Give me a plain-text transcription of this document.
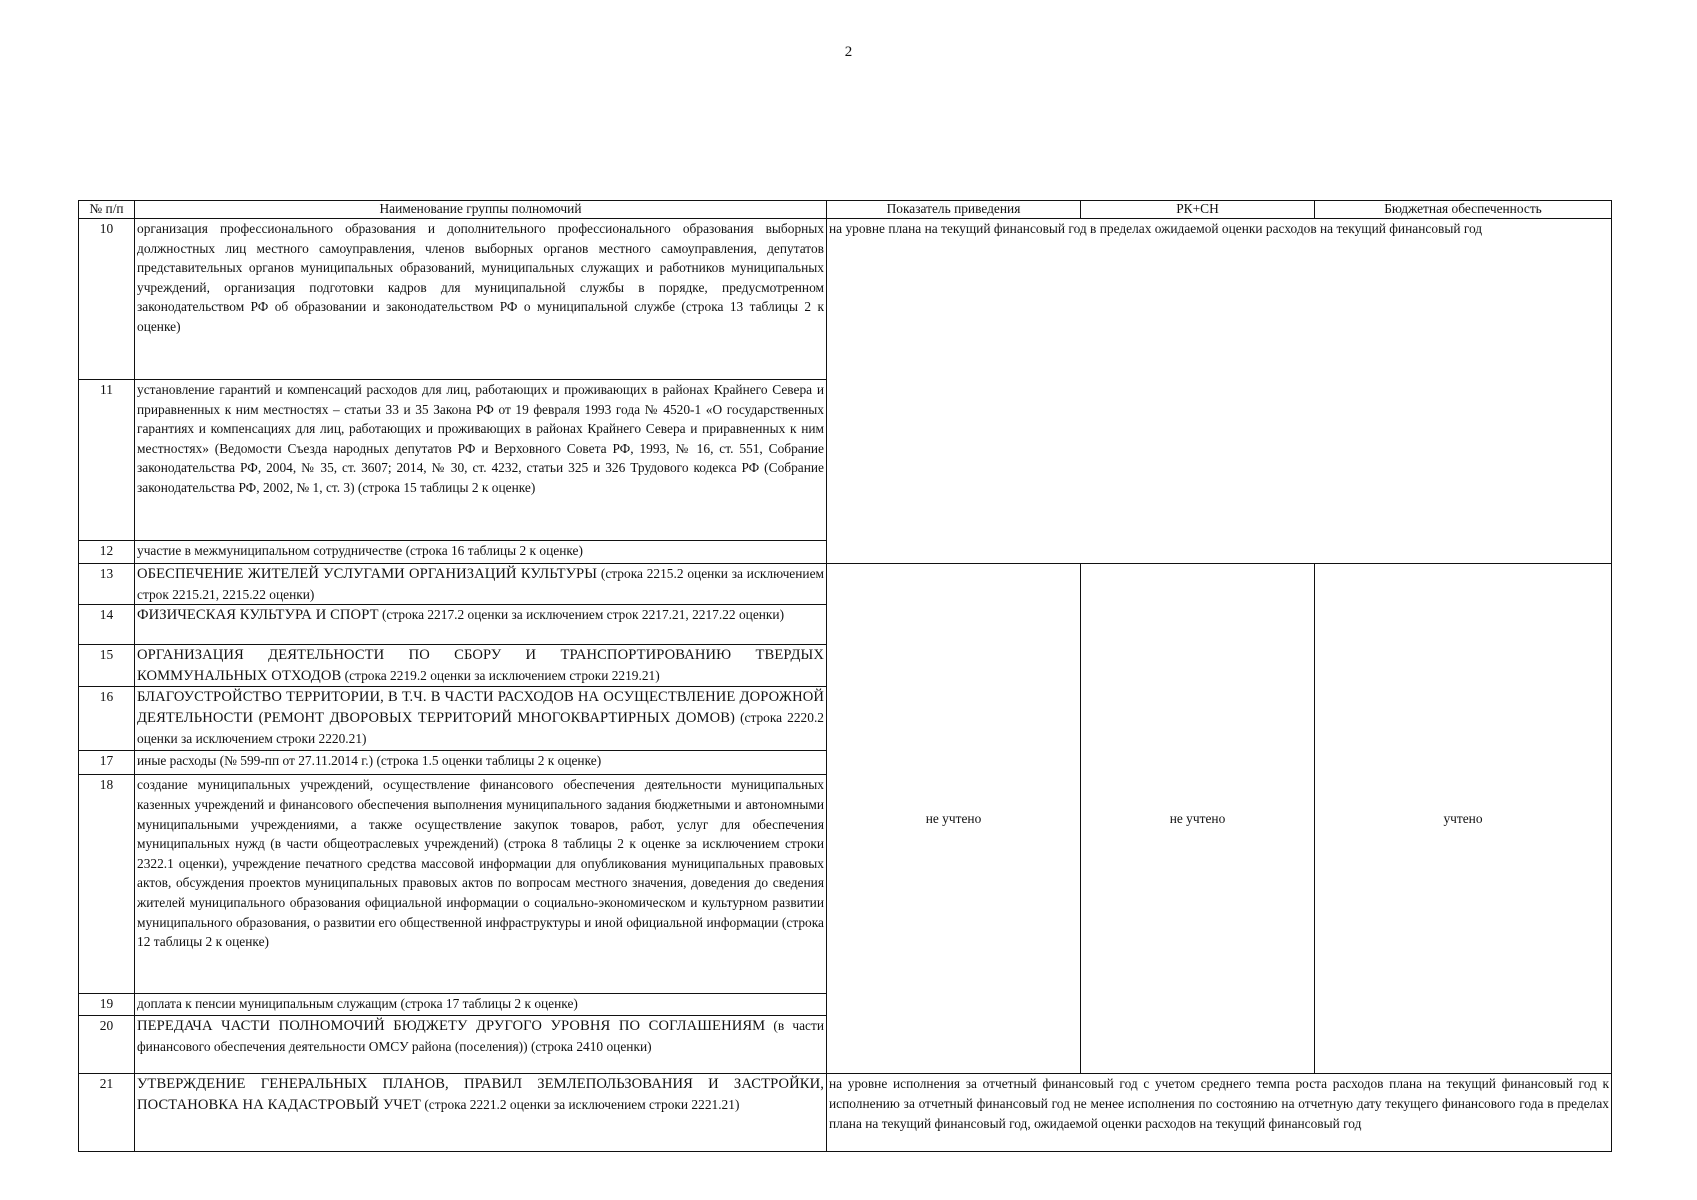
2
№ п/п	Наименование группы полномочий	Показатель приведения	РК+СН	Бюджетная обеспеченность
10	организация профессионального образования и дополнительного профессионального образования выборных должностных лиц местного самоуправления, членов выборных органов местного самоуправления, депутатов представительных органов муниципальных образований, муниципальных служащих и работников муниципальных учреждений, организация подготовки кадров для муниципальной службы в порядке, предусмотренном законодательством РФ об образовании и законодательством РФ о муниципальной службе (строка 13 таблицы 2 к оценке)	на уровне плана на текущий финансовый год в пределах ожидаемой оценки расходов на текущий финансовый год		
11	установление гарантий и компенсаций расходов для лиц, работающих и проживающих в районах Крайнего Севера и приравненных к ним местностях – статьи 33 и 35 Закона РФ от 19 февраля 1993 года № 4520-1 «О государственных гарантиях и компенсациях для лиц, работающих и проживающих в районах Крайнего Севера и приравненных к ним местностях» (Ведомости Съезда народных депутатов РФ и Верховного Совета РФ, 1993, № 16, ст. 551, Собрание законодательства РФ, 2004, № 35, ст. 3607; 2014, № 30, ст. 4232, статьи 325 и 326 Трудового кодекса РФ (Собрание законодательства РФ, 2002, № 1, ст. 3) (строка 15 таблицы 2 к оценке)			
12	участие в межмуниципальном сотрудничестве (строка 16 таблицы 2 к оценке)			
13	ОБЕСПЕЧЕНИЕ ЖИТЕЛЕЙ УСЛУГАМИ ОРГАНИЗАЦИЙ КУЛЬТУРЫ (строка 2215.2 оценки за исключением строк 2215.21, 2215.22 оценки)	не учтено	не учтено	учтено
14	ФИЗИЧЕСКАЯ КУЛЬТУРА И СПОРТ (строка 2217.2 оценки за исключением строк 2217.21, 2217.22 оценки)			
15	ОРГАНИЗАЦИЯ ДЕЯТЕЛЬНОСТИ ПО СБОРУ И ТРАНСПОРТИРОВАНИЮ ТВЕРДЫХ КОММУНАЛЬНЫХ ОТХОДОВ (строка 2219.2 оценки за исключением строки 2219.21)			
16	БЛАГОУСТРОЙСТВО ТЕРРИТОРИИ, В Т.Ч. В ЧАСТИ РАСХОДОВ НА ОСУЩЕСТВЛЕНИЕ ДОРОЖНОЙ ДЕЯТЕЛЬНОСТИ (РЕМОНТ ДВОРОВЫХ ТЕРРИТОРИЙ МНОГОКВАРТИРНЫХ ДОМОВ) (строка 2220.2 оценки за исключением строки 2220.21)			
17	иные расходы (№ 599-пп от 27.11.2014 г.) (строка 1.5 оценки таблицы 2 к оценке)			
18	создание муниципальных учреждений, осуществление финансового обеспечения деятельности муниципальных казенных учреждений и финансового обеспечения выполнения муниципального задания бюджетными и автономными муниципальными учреждениями, а также осуществление закупок товаров, работ, услуг для обеспечения муниципальных нужд (в части общеотраслевых учреждений) (строка 8 таблицы 2 к оценке за исключением строки 2322.1 оценки), учреждение печатного средства массовой информации для опубликования муниципальных правовых актов, обсуждения проектов муниципальных правовых актов по вопросам местного значения, доведения до сведения жителей муниципального образования официальной информации о социально-экономическом и культурном развитии муниципального образования, о развитии его общественной инфраструктуры и иной официальной информации (строка 12 таблицы 2 к оценке)			
19	доплата к пенсии муниципальным служащим (строка 17 таблицы 2 к оценке)			
20	ПЕРЕДАЧА ЧАСТИ ПОЛНОМОЧИЙ БЮДЖЕТУ ДРУГОГО УРОВНЯ ПО СОГЛАШЕНИЯМ (в части финансового обеспечения деятельности ОМСУ района (поселения)) (строка 2410 оценки)			
21	УТВЕРЖДЕНИЕ ГЕНЕРАЛЬНЫХ ПЛАНОВ, ПРАВИЛ ЗЕМЛЕПОЛЬЗОВАНИЯ И ЗАСТРОЙКИ, ПОСТАНОВКА НА КАДАСТРОВЫЙ УЧЕТ (строка 2221.2 оценки за исключением строки 2221.21)	на уровне исполнения за отчетный финансовый год с учетом среднего темпа роста расходов плана на текущий финансовый год к исполнению за отчетный финансовый год не менее исполнения по состоянию на отчетную дату текущего финансового года в пределах плана на текущий финансовый год, ожидаемой оценки расходов на текущий финансовый год		
